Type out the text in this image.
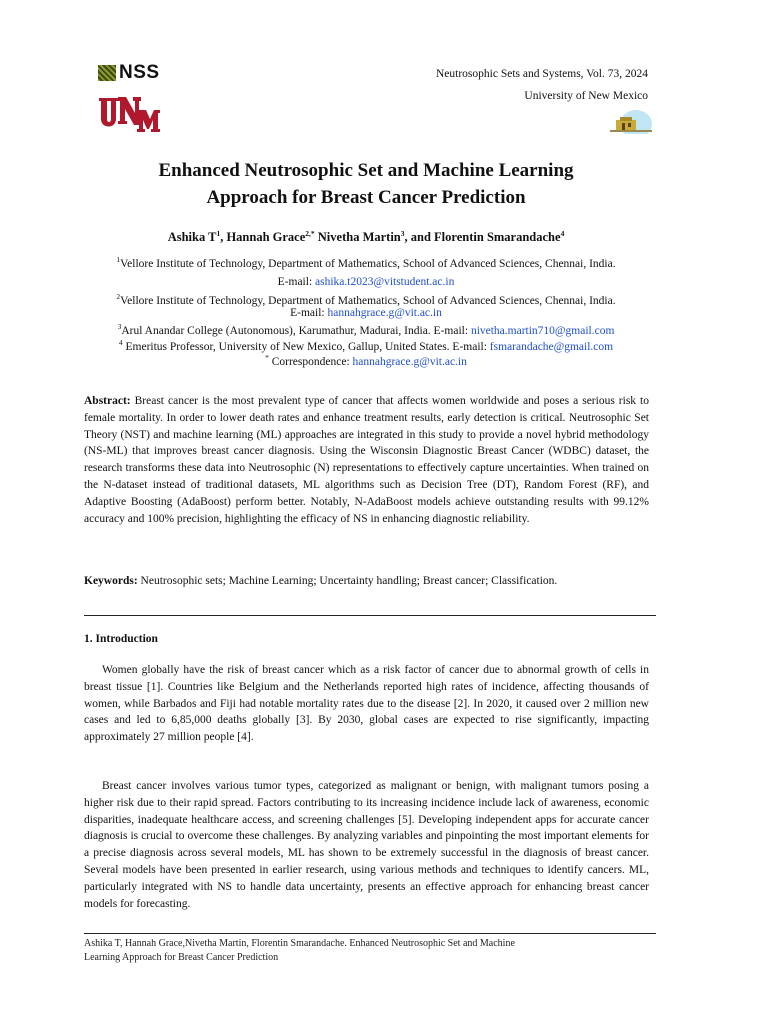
NSS	Neutrosophic Sets and Systems, Vol. 73, 2024
University of New Mexico
Enhanced Neutrosophic Set and Machine Learning
Approach for Breast Cancer Prediction
Ashika $T^1$, Hannah Grace$^{2,*}$ Nivetha Martin$^3$, and Florentin Smarandache$^4$
$^1$Vellore Institute of Technology, Department of Mathematics, School of Advanced Sciences, Chennai, India.
E-mail: ashika.t2023@vitstudent.ac.in
$^2$Vellore Institute of Technology, Department of Mathematics, School of Advanced Sciences, Chennai, India.
E-mail: hannahgrace.g@vit.ac.in
$^3$Arul Anandar College (Autonomous), Karumathur, Madurai, India. E-mail: nivetha.martin710@gmail.com
$^4$ Emeritus Professor, University of New Mexico, Gallup, United States. E-mail: fsmarandache@gmail.com
* Correspondence: hannahgrace.g@vit.ac.in
Abstract: Breast cancer is the most prevalent type of cancer that affects women worldwide and poses a serious risk to female mortality. In order to lower death rates and enhance treatment results, early detection is critical. Neutrosophic Set Theory (NST) and machine learning (ML) approaches are integrated in this study to provide a novel hybrid methodology (NS-ML) that improves breast cancer diagnosis. Using the Wisconsin Diagnostic Breast Cancer (WDBC) dataset, the research transforms these data into Neutrosophic (N) representations to effectively capture uncertainties. When trained on the N-dataset instead of traditional datasets, ML algorithms such as Decision Tree (DT), Random Forest (RF), and Adaptive Boosting (AdaBoost) perform better. Notably, N-AdaBoost models achieve outstanding results with 99.12% accuracy and 100% precision, highlighting the efficacy of NS in enhancing diagnostic reliability.
Keywords: Neutrosophic sets; Machine Learning; Uncertainty handling; Breast cancer; Classification.
1. Introduction
Women globally have the risk of breast cancer which as a risk factor of cancer due to abnormal growth of cells in breast tissue [1]. Countries like Belgium and the Netherlands reported high rates of incidence, affecting thousands of women, while Barbados and Fiji had notable mortality rates due to the disease [2]. In 2020, it caused over 2 million new cases and led to 6,85,000 deaths globally [3]. By 2030, global cases are expected to rise significantly, impacting approximately 27 million people [4].
Breast cancer involves various tumor types, categorized as malignant or benign, with malignant tumors posing a higher risk due to their rapid spread. Factors contributing to its increasing incidence include lack of awareness, economic disparities, inadequate healthcare access, and screening challenges [5]. Developing independent apps for accurate cancer diagnosis is crucial to overcome these challenges. By analyzing variables and pinpointing the most important elements for a precise diagnosis across several models, ML has shown to be extremely successful in the diagnosis of breast cancer. Several models have been presented in earlier research, using various methods and techniques to identify cancers. ML, particularly integrated with NS to handle data uncertainty, presents an effective approach for enhancing breast cancer models for forecasting.
Ashika T, Hannah Grace,Nivetha Martin, Florentin Smarandache. Enhanced Neutrosophic Set and Machine
Learning Approach for Breast Cancer Prediction
